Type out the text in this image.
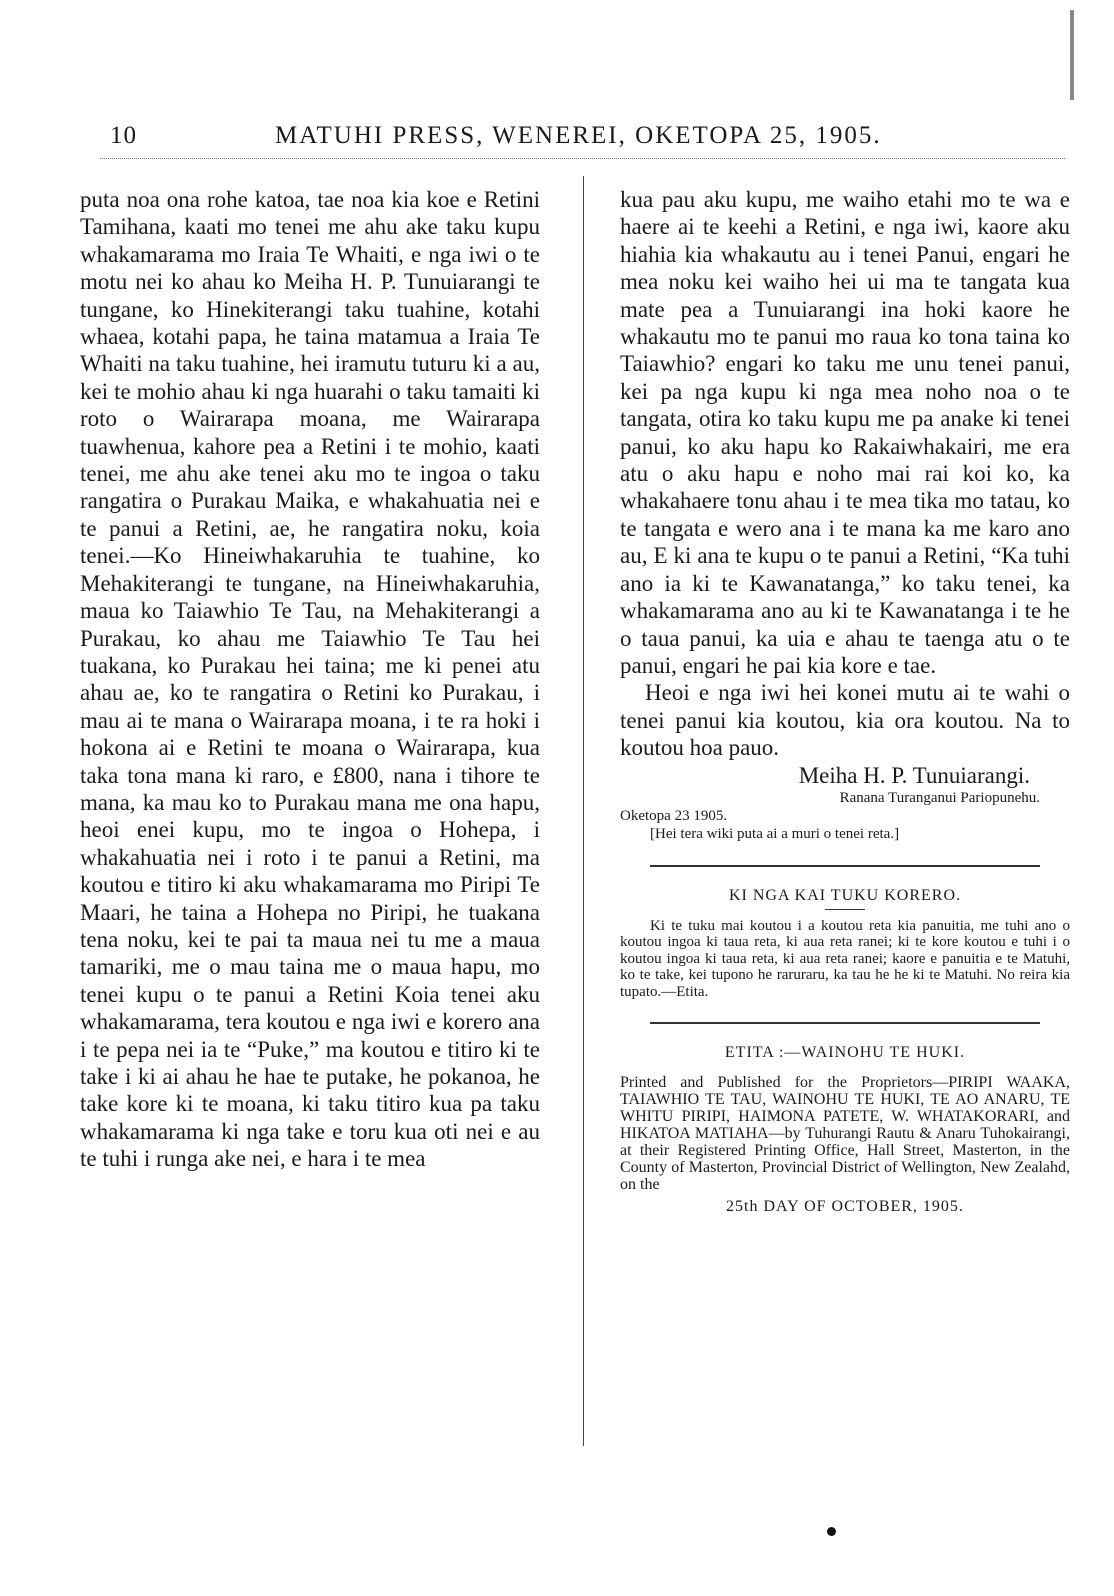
10	MATUHI PRESS, WENEREI, OKETOPA 25, 1905.

puta noa ona rohe katoa, tae noa kia koe e Retini Tamihana, kaati mo tenei me ahu ake taku kupu whakamarama mo Iraia Te Whaiti, e nga iwi o te motu nei ko ahau ko Meiha H. P. Tunuiarangi te tungane, ko Hinekiterangi taku tuahine, kotahi whaea, kotahi papa, he taina matamua a Iraia Te Whaiti na taku tuahine, hei iramutu tuturu ki a au, kei te mohio ahau ki nga huarahi o taku tamaiti ki roto o Wairarapa moana, me Wairarapa tuawhenua, kahore pea a Retini i te mohio, kaati tenei, me ahu ake tenei aku mo te ingoa o taku rangatira o Purakau Maika, e whakahuatia nei e te panui a Retini, ae, he rangatira noku, koia tenei.—Ko Hineiwhakaruhia te tuahine, ko Mehakiterangi te tungane, na Hineiwhakaruhia, maua ko Taiawhio Te Tau, na Mehakiterangi a Purakau, ko ahau me Taiawhio Te Tau hei tuakana, ko Purakau hei taina; me ki penei atu ahau ae, ko te rangatira o Retini ko Purakau, i mau ai te mana o Wairarapa moana, i te ra hoki i hokona ai e Retini te moana o Wairarapa, kua taka tona mana ki raro, e £800, nana i tihore te mana, ka mau ko to Purakau mana me ona hapu, heoi enei kupu, mo te ingoa o Hohepa, i whakahuatia nei i roto i te panui a Retini, ma koutou e titiro ki aku whakamarama mo Piripi Te Maari, he taina a Hohepa no Piripi, he tuakana tena noku, kei te pai ta maua nei tu me a maua tamariki, me o mau taina me o maua hapu, mo tenei kupu o te panui a Retini Koia tenei aku whakamarama, tera koutou e nga iwi e korero ana i te pepa nei ia te “Puke,” ma koutou e titiro ki te take i ki ai ahau he hae te putake, he pokanoa, he take kore ki te moana, ki taku titiro kua pa taku whakamarama ki nga take e toru kua oti nei e au te tuhi i runga ake nei, e hara i te mea

kua pau aku kupu, me waiho etahi mo te wa e haere ai te keehi a Retini, e nga iwi, kaore aku hiahia kia whakautu au i tenei Panui, engari he mea noku kei waiho hei ui ma te tangata kua mate pea a Tunuiarangi ina hoki kaore he whakautu mo te panui mo raua ko tona taina ko Taiawhio? engari ko taku me unu tenei panui, kei pa nga kupu ki nga mea noho noa o te tangata, otira ko taku kupu me pa anake ki tenei panui, ko aku hapu ko Rakaiwhakairi, me era atu o aku hapu e noho mai rai koi ko, ka whakahaere tonu ahau i te mea tika mo tatau, ko te tangata e wero ana i te mana ka me karo ano au, E ki ana te kupu o te panui a Retini, “Ka tuhi ano ia ki te Kawanatanga,” ko taku tenei, ka whakamarama ano au ki te Kawanatanga i te he o taua panui, ka uia e ahau te taenga atu o te panui, engari he pai kia kore e tae.

Heoi e nga iwi hei konei mutu ai te wahi o tenei panui kia koutou, kia ora koutou. Na to koutou hoa pauo.

Meiha H. P. Tunuiarangi.

Ranana Turanganui Pariopunehu.

Oketopa 23 1905.

[Hei tera wiki puta ai a muri o tenei reta.]

KI NGA KAI TUKU KORERO.

Ki te tuku mai koutou i a koutou reta kia panuitia, me tuhi ano o koutou ingoa ki taua reta, ki aua reta ranei; ki te kore koutou e tuhi i o koutou ingoa ki taua reta, ki aua reta ranei; kaore e panuitia e te Matuhi, ko te take, kei tupono he raruraru, ka tau he he ki te Matuhi. No reira kia tupato.—Etita.

ETITA :—WAINOHU TE HUKI.

Printed and Published for the Proprietors—PIRIPI WAAKA, TAIAWHIO TE TAU, WAINOHU TE HUKI, TE AO ANARU, TE WHITU PIRIPI, HAIMONA PATETE, W. WHATAKORARI, and HIKATOA MATIAHA—by Tuhurangi Rautu & Anaru Tuhokairangi, at their Registered Printing Office, Hall Street, Masterton, in the County of Masterton, Provincial District of Wellington, New Zealahd, on the

25th DAY OF OCTOBER, 1905.
